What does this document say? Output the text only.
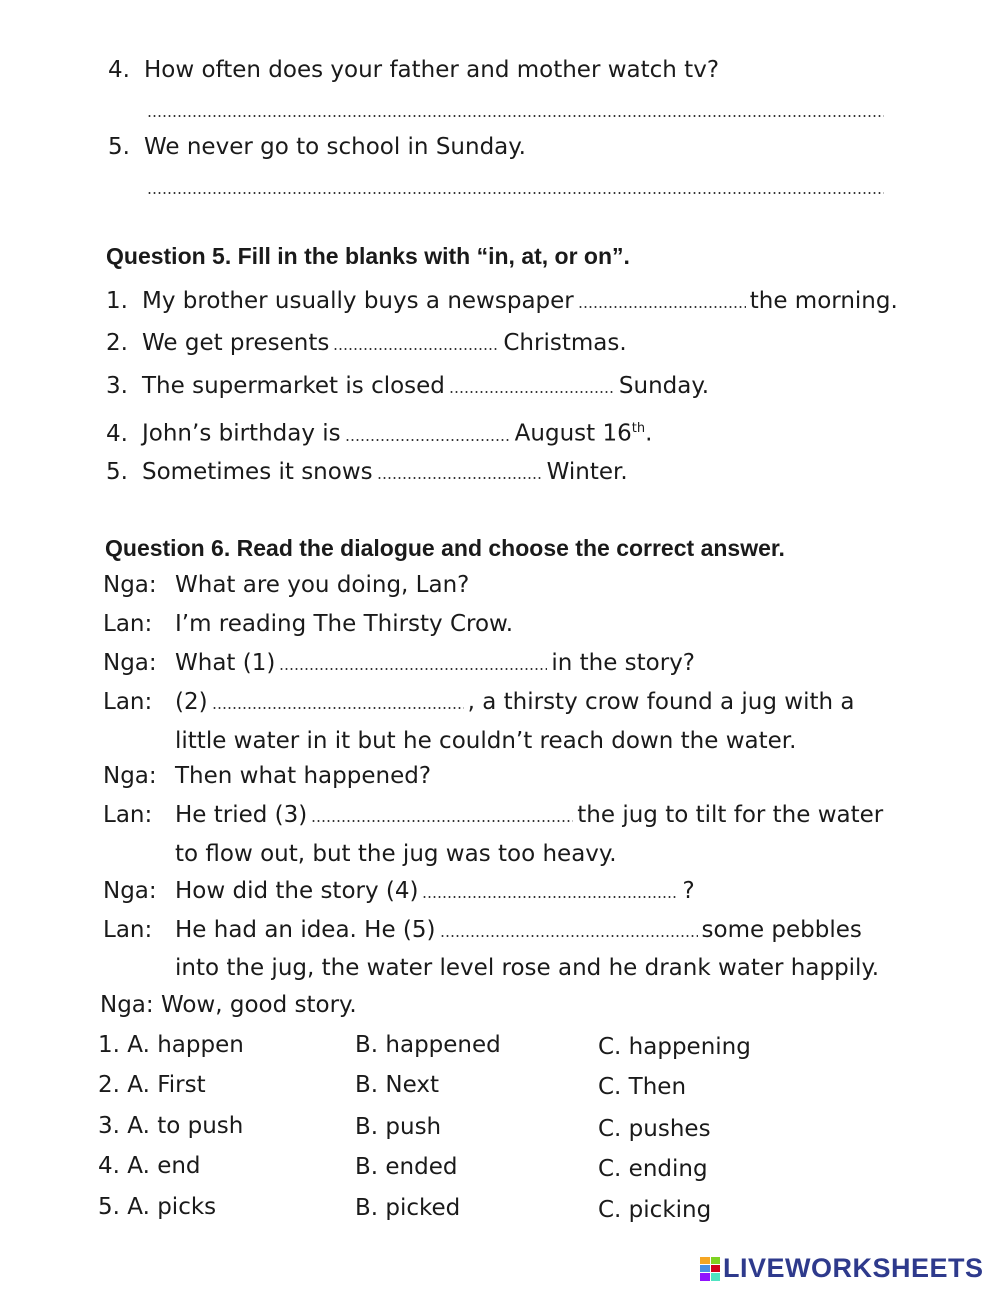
4. How often does your father and mother watch tv?
5. We never go to school in Sunday.
Question 5. Fill in the blanks with “in, at, or on”.
1. My brother usually buys a newspaper	the morning.
2. We get presents	Christmas.
3. The supermarket is closed	Sunday.
4. John’s birthday is	August 16th.
5. Sometimes it snows	Winter.
Question 6. Read the dialogue and choose the correct answer.
Nga: What are you doing, Lan?
Lan: I’m reading The Thirsty Crow.
Nga: What (1)	in the story?
Lan: (2)	, a thirsty crow found a jug with a
little water in it but he couldn’t reach down the water.
Nga: Then what happened?
Lan: He tried (3)	the jug to tilt for the water
to flow out, but the jug was too heavy.
Nga: How did the story (4)	?
Lan: He had an idea. He (5)	some pebbles
into the jug, the water level rose and he drank water happily.
Nga: Wow, good story.
1. A. happen	B. happened	C. happening
2. A. First	B. Next	C. Then
3. A. to push	B. push	C. pushes
4. A. end	B. ended	C. ending
5. A. picks	B. picked	C. picking
LIVEWORKSHEETS
